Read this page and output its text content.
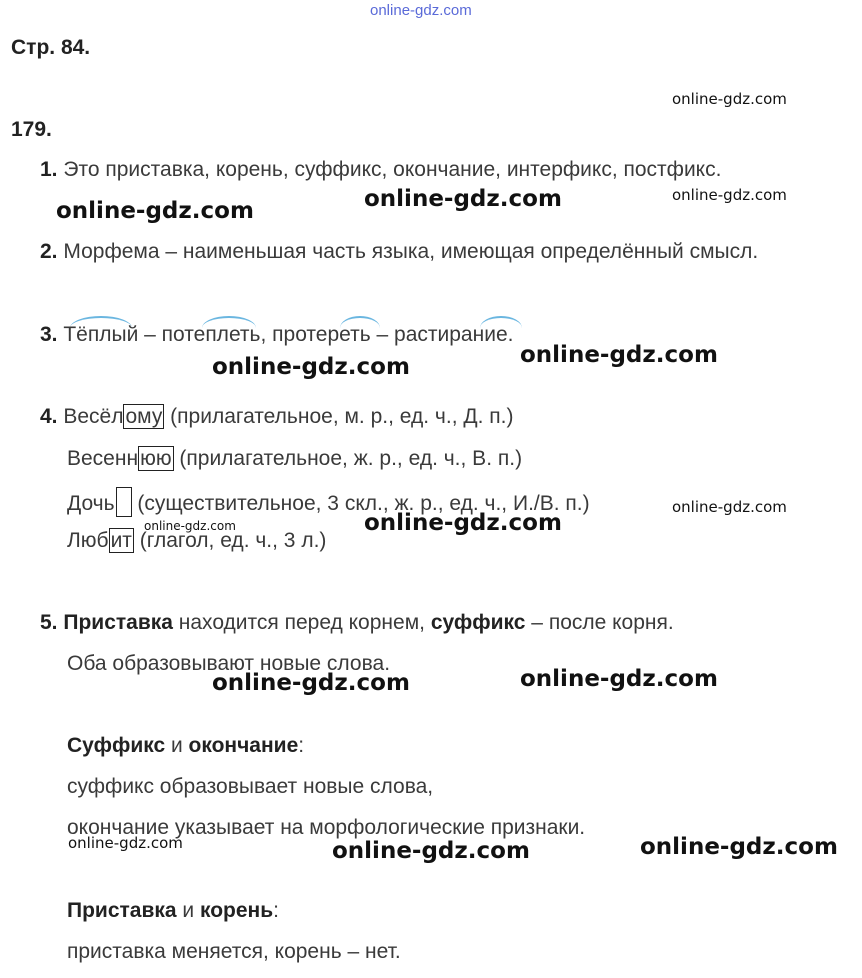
online-gdz.com
Стр. 84.
179.
1. Это приставка, корень, суффикс, окончание, интерфикс, постфикс.
2. Морфема – наименьшая часть языка, имеющая определённый смысл.
3. Тёплый – потеплеть, протереть – растирание.
4. Весёлому (прилагательное, м. р., ед. ч., Д. п.)
Весеннюю (прилагательное, ж. р., ед. ч., В. п.)
Дочь (существительное, 3 скл., ж. р., ед. ч., И./В. п.)
Любит (глагол, ед. ч., 3 л.)
5. Приставка находится перед корнем, суффикс – после корня.
Оба образовывают новые слова.
Суффикс и окончание:
суффикс образовывает новые слова,
окончание указывает на морфологические признаки.
Приставка и корень:
приставка меняется, корень – нет.
online-gdz.com
online-gdz.com
online-gdz.com	online-gdz.com
online-gdz.com
online-gdz.com
online-gdz.com
online-gdz.com
online-gdz.com
online-gdz.com	online-gdz.com
online-gdz.com	online-gdz.com	online-gdz.com
